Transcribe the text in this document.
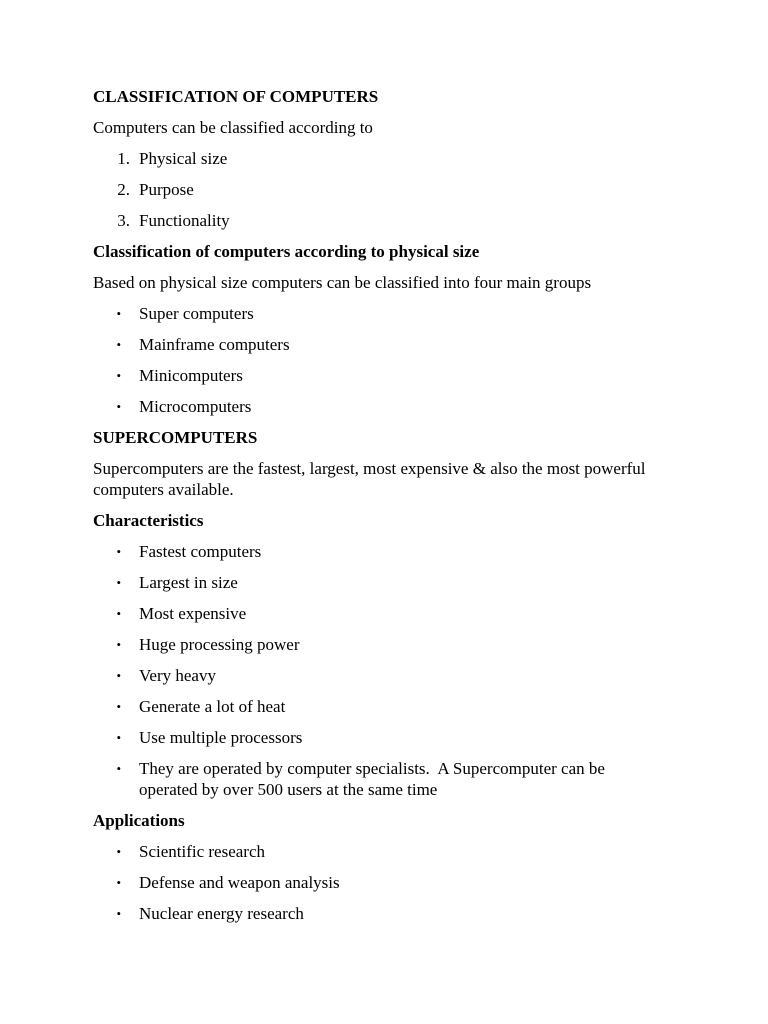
CLASSIFICATION OF COMPUTERS

Computers can be classified according to

1. Physical size
2. Purpose
3. Functionality

Classification of computers according to physical size

Based on physical size computers can be classified into four main groups

• Super computers
• Mainframe computers
• Minicomputers
• Microcomputers

SUPERCOMPUTERS

Supercomputers are the fastest, largest, most expensive & also the most powerful computers available.

Characteristics

• Fastest computers
• Largest in size
• Most expensive
• Huge processing power
• Very heavy
• Generate a lot of heat
• Use multiple processors
• They are operated by computer specialists.  A Supercomputer can be operated by over 500 users at the same time

Applications

• Scientific research
• Defense and weapon analysis
• Nuclear energy research
